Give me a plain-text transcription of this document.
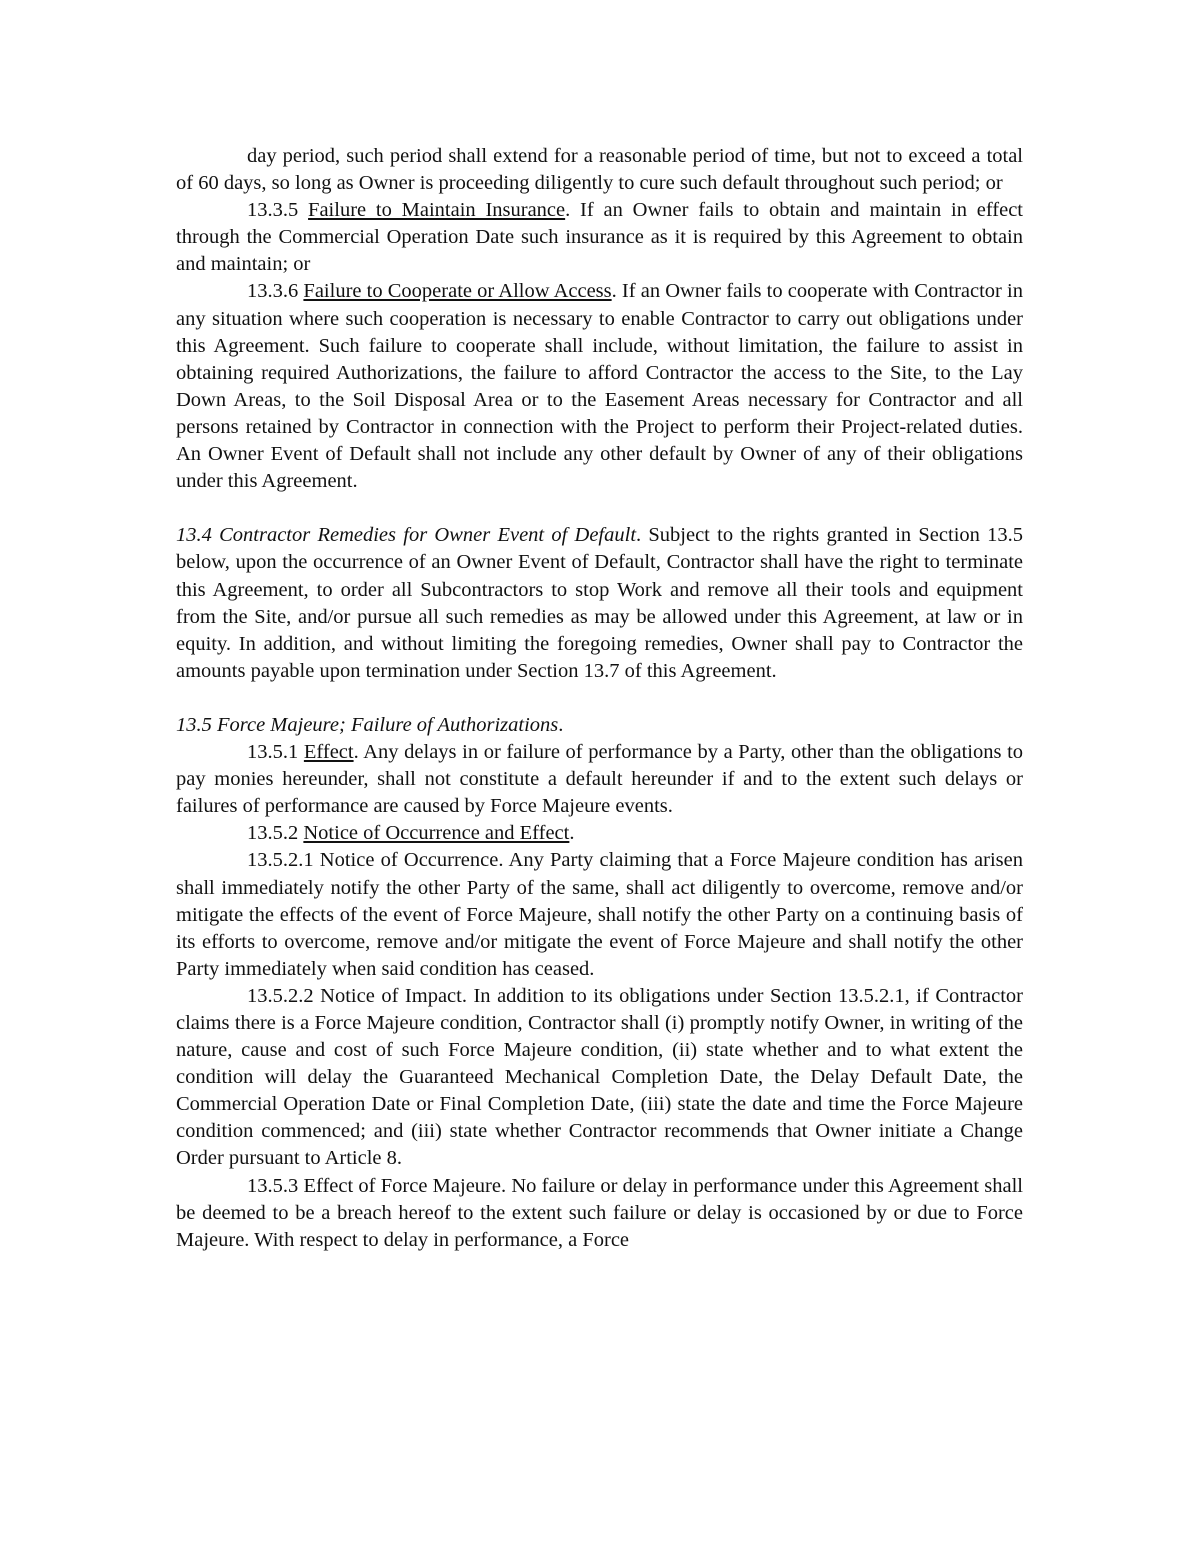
day period, such period shall extend for a reasonable period of time, but not to exceed a total of 60 days, so long as Owner is proceeding diligently to cure such default throughout such period; or

13.3.5 Failure to Maintain Insurance. If an Owner fails to obtain and maintain in effect through the Commercial Operation Date such insurance as it is required by this Agreement to obtain and maintain; or

13.3.6 Failure to Cooperate or Allow Access. If an Owner fails to cooperate with Contractor in any situation where such cooperation is necessary to enable Contractor to carry out obligations under this Agreement. Such failure to cooperate shall include, without limitation, the failure to assist in obtaining required Authorizations, the failure to afford Contractor the access to the Site, to the Lay Down Areas, to the Soil Disposal Area or to the Easement Areas necessary for Contractor and all persons retained by Contractor in connection with the Project to perform their Project-related duties. An Owner Event of Default shall not include any other default by Owner of any of their obligations under this Agreement.

13.4 Contractor Remedies for Owner Event of Default. Subject to the rights granted in Section 13.5 below, upon the occurrence of an Owner Event of Default, Contractor shall have the right to terminate this Agreement, to order all Subcontractors to stop Work and remove all their tools and equipment from the Site, and/or pursue all such remedies as may be allowed under this Agreement, at law or in equity. In addition, and without limiting the foregoing remedies, Owner shall pay to Contractor the amounts payable upon termination under Section 13.7 of this Agreement.

13.5 Force Majeure; Failure of Authorizations.

13.5.1 Effect. Any delays in or failure of performance by a Party, other than the obligations to pay monies hereunder, shall not constitute a default hereunder if and to the extent such delays or failures of performance are caused by Force Majeure events.

13.5.2 Notice of Occurrence and Effect.

13.5.2.1 Notice of Occurrence. Any Party claiming that a Force Majeure condition has arisen shall immediately notify the other Party of the same, shall act diligently to overcome, remove and/or mitigate the effects of the event of Force Majeure, shall notify the other Party on a continuing basis of its efforts to overcome, remove and/or mitigate the event of Force Majeure and shall notify the other Party immediately when said condition has ceased.

13.5.2.2 Notice of Impact. In addition to its obligations under Section 13.5.2.1, if Contractor claims there is a Force Majeure condition, Contractor shall (i) promptly notify Owner, in writing of the nature, cause and cost of such Force Majeure condition, (ii) state whether and to what extent the condition will delay the Guaranteed Mechanical Completion Date, the Delay Default Date, the Commercial Operation Date or Final Completion Date, (iii) state the date and time the Force Majeure condition commenced; and (iii) state whether Contractor recommends that Owner initiate a Change Order pursuant to Article 8.

13.5.3 Effect of Force Majeure. No failure or delay in performance under this Agreement shall be deemed to be a breach hereof to the extent such failure or delay is occasioned by or due to Force Majeure. With respect to delay in performance, a Force
